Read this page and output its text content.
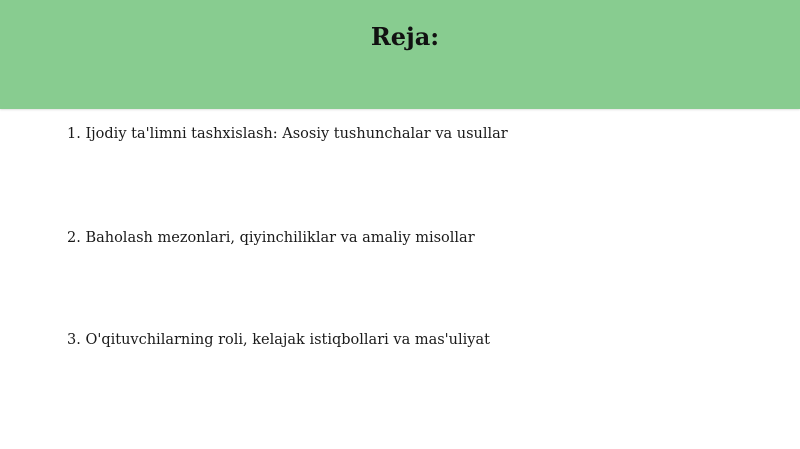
Reja:
1. Ijodiy ta'limni tashxislash: Asosiy tushunchalar va usullar
2. Baholash mezonlari, qiyinchiliklar va amaliy misollar
3. O'qituvchilarning roli, kelajak istiqbollari va mas'uliyat
